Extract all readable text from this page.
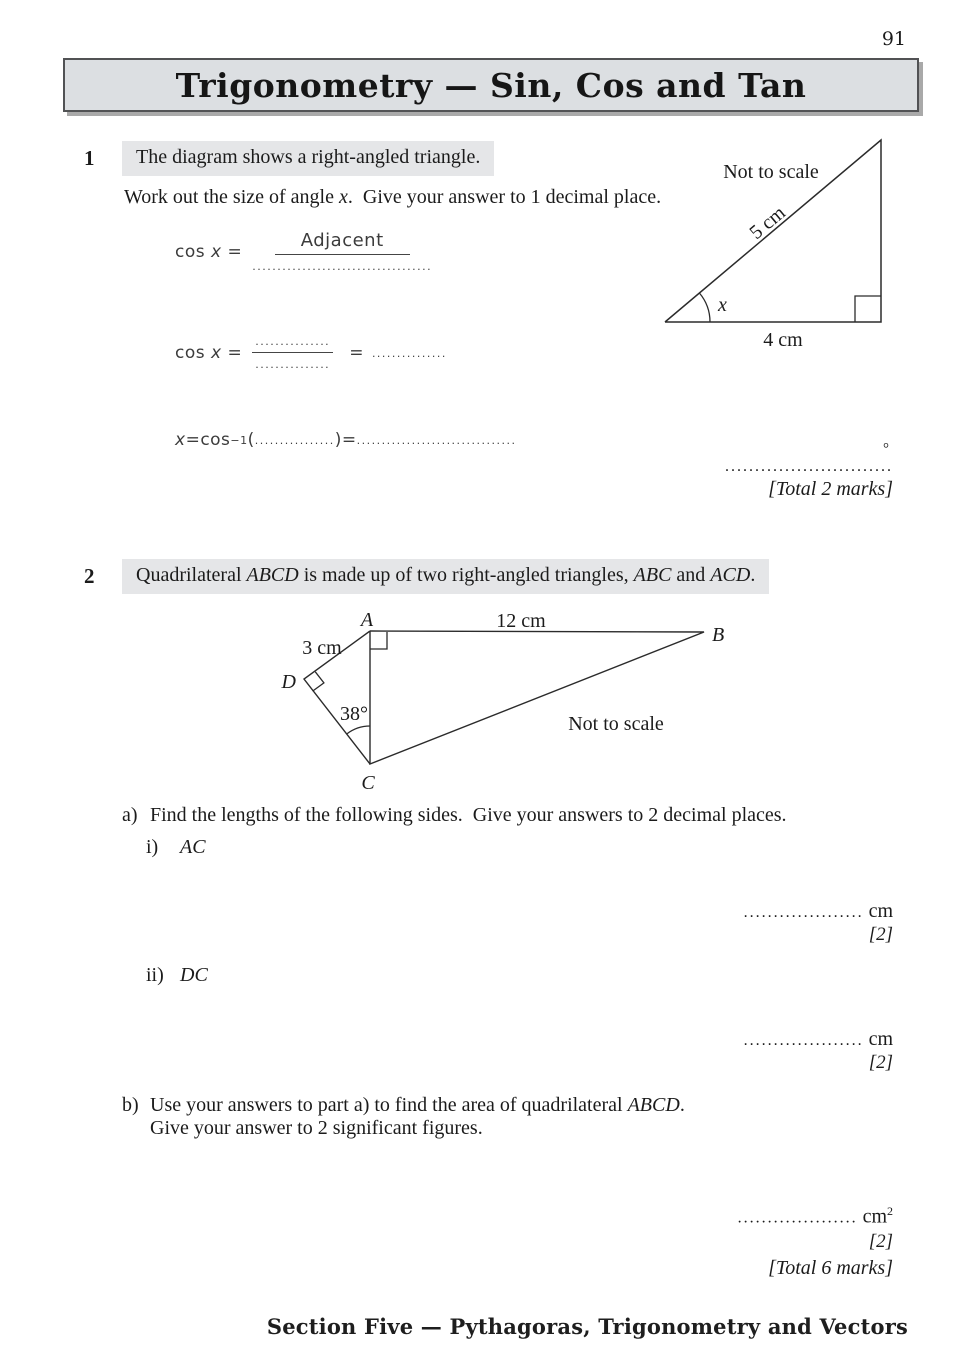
91
Trigonometry — Sin, Cos and Tan
1	The diagram shows a right-angled triangle.
Work out the size of angle x.  Give your answer to 1 decimal place.
$\cos x = \frac{\text{Adjacent}}{....................................}$
$\cos x = \frac{...............}{...............}$ = ...............
x = cos −1 ( ................ ) = ................................
Not to scale
5 cm
x
4 cm
°
............................
[Total 2 marks]
2	Quadrilateral ABCD is made up of two right-angled triangles, ABC and ACD.
A
B
C
D
3 cm
12 cm
38°	Not to scale
a) Find the lengths of the following sides.  Give your answers to 2 decimal places.
i)	AC
.................... cm
[2]
ii) DC
.................... cm
[2]
b) Use your answers to part a) to find the area of quadrilateral ABCD.
Give your answer to 2 significant figures.
.................... $cm^2$
[2]
[Total 6 marks]
Section Five — Pythagoras, Trigonometry and Vectors
